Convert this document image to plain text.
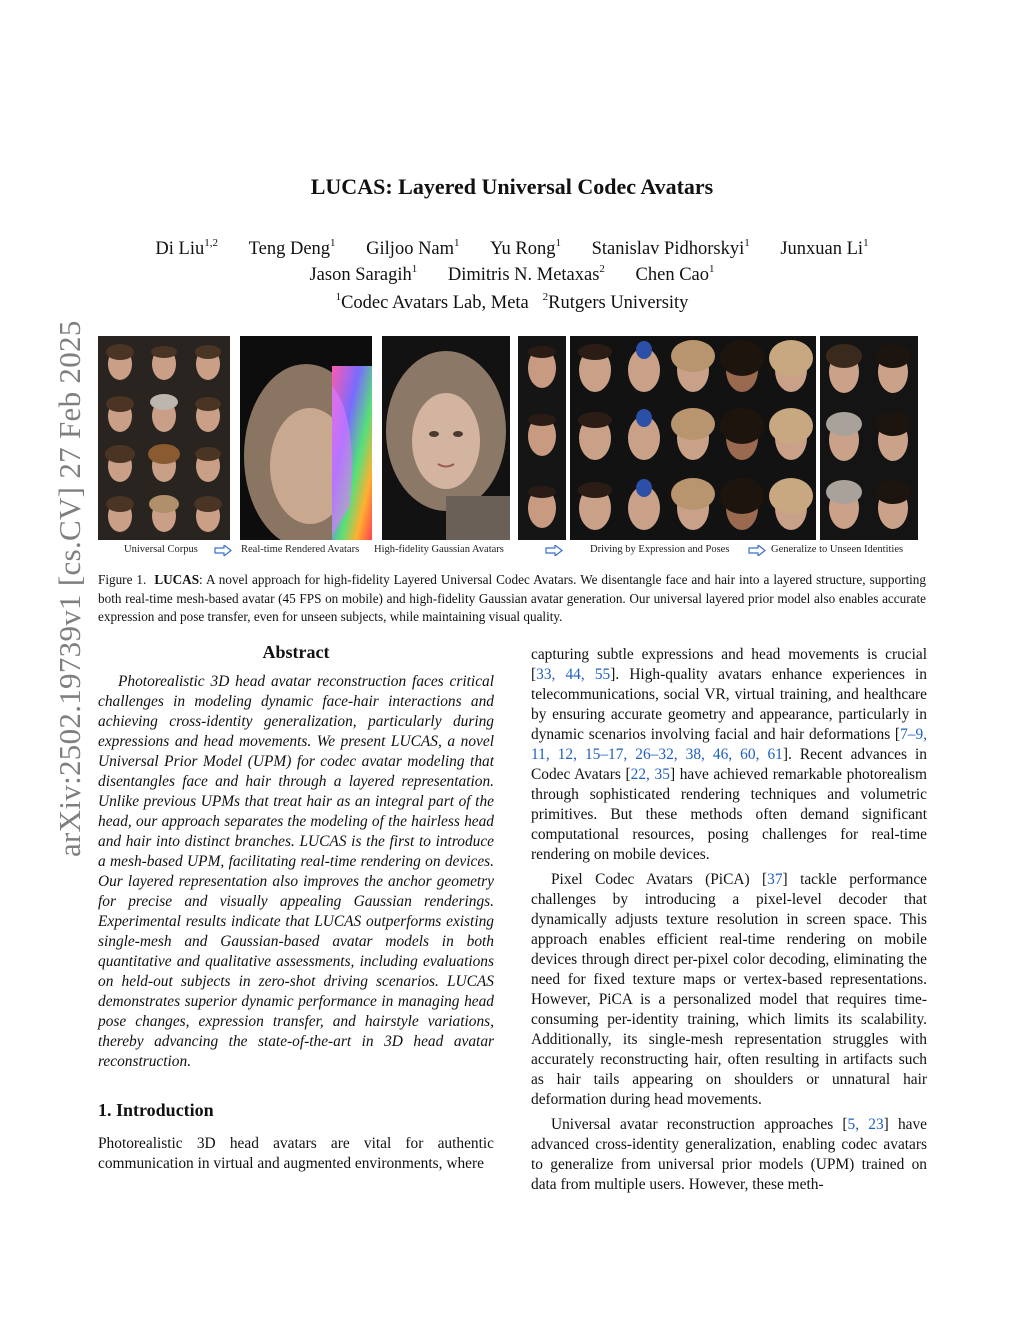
arXiv:2502.19739v1 [cs.CV] 27 Feb 2025
LUCAS: Layered Universal Codec Avatars
Di Liu$^{1,2}$ Teng Deng$^1$ Giljoo Nam$^1$ Yu Rong$^1$ Stanislav Pidhorskyi$^1$ Junxuan Li$^1$
Jason Saragih$^1$ Dimitris N. Metaxas$^2$ Chen Cao$^1$
$^1$Codec Avatars Lab, Meta $^2$Rutgers University
Universal Corpus	Real-time Rendered Avatars High-fidelity Gaussian Avatars	Driving by Expression and Poses	Generalize to Unseen Identities
Figure 1. LUCAS: A novel approach for high-fidelity Layered Universal Codec Avatars. We disentangle face and hair into a layered structure, supporting both real-time mesh-based avatar (45 FPS on mobile) and high-fidelity Gaussian avatar generation. Our universal layered prior model also enables accurate expression and pose transfer, even for unseen subjects, while maintaining visual quality.
Abstract

Photorealistic 3D head avatar reconstruction faces critical challenges in modeling dynamic face-hair interactions and achieving cross-identity generalization, particularly during expressions and head movements. We present LUCAS, a novel Universal Prior Model (UPM) for codec avatar modeling that disentangles face and hair through a layered representation. Unlike previous UPMs that treat hair as an integral part of the head, our approach separates the modeling of the hairless head and hair into distinct branches. LUCAS is the first to introduce a mesh-based UPM, facilitating real-time rendering on devices. Our layered representation also improves the anchor geometry for precise and visually appealing Gaussian renderings. Experimental results indicate that LUCAS outperforms existing single-mesh and Gaussian-based avatar models in both quantitative and qualitative assessments, including evaluations on held-out subjects in zero-shot driving scenarios. LUCAS demonstrates superior dynamic performance in managing head pose changes, expression transfer, and hairstyle variations, thereby advancing the state-of-the-art in 3D head avatar reconstruction.

1. Introduction

Photorealistic 3D head avatars are vital for authentic communication in virtual and augmented environments, where

capturing subtle expressions and head movements is crucial [33, 44, 55]. High-quality avatars enhance experiences in telecommunications, social VR, virtual training, and healthcare by ensuring accurate geometry and appearance, particularly in dynamic scenarios involving facial and hair deformations [7–9, 11, 12, 15–17, 26–32, 38, 46, 60, 61]. Recent advances in Codec Avatars [22, 35] have achieved remarkable photorealism through sophisticated rendering techniques and volumetric primitives. But these methods often demand significant computational resources, posing challenges for real-time rendering on mobile devices.

Pixel Codec Avatars (PiCA) [37] tackle performance challenges by introducing a pixel-level decoder that dynamically adjusts texture resolution in screen space. This approach enables efficient real-time rendering on mobile devices through direct per-pixel color decoding, eliminating the need for fixed texture maps or vertex-based representations. However, PiCA is a personalized model that requires time-consuming per-identity training, which limits its scalability. Additionally, its single-mesh representation struggles with accurately reconstructing hair, often resulting in artifacts such as hair tails appearing on shoulders or unnatural hair deformation during head movements.

Universal avatar reconstruction approaches [5, 23] have advanced cross-identity generalization, enabling codec avatars to generalize from universal prior models (UPM) trained on data from multiple users. However, these meth-
